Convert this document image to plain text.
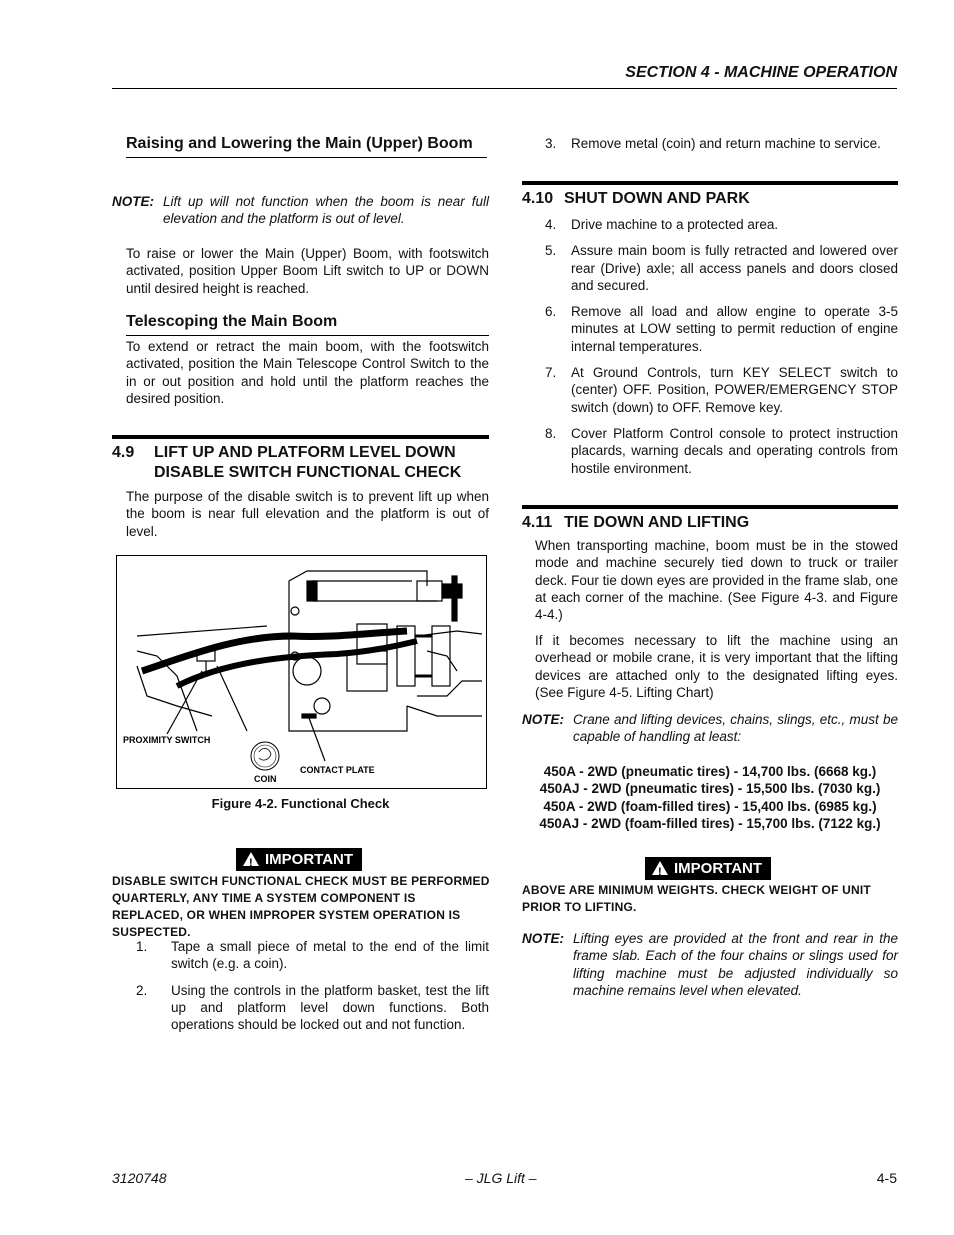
SECTION 4 - MACHINE OPERATION
Raising and Lowering the Main (Upper) Boom
NOTE: Lift up will not function when the boom is near full elevation and the platform is out of level.
To raise or lower the Main (Upper) Boom, with footswitch activated, position Upper Boom Lift switch to UP or DOWN until desired height is reached.
Telescoping the Main Boom
To extend or retract the main boom, with the footswitch activated, position the Main Telescope Control Switch to the in or out position and hold until the platform reaches the desired position.
4.9	LIFT UP AND PLATFORM LEVEL DOWN DISABLE SWITCH FUNCTIONAL CHECK
The purpose of the disable switch is to prevent lift up when the boom is near full elevation and the platform is out of level.
PROXIMITY SWITCH
COIN
CONTACT PLATE
Figure 4-2. Functional Check
! IMPORTANT
DISABLE SWITCH FUNCTIONAL CHECK MUST BE PERFORMED QUARTERLY, ANY TIME A SYSTEM COMPONENT IS REPLACED, OR WHEN IMPROPER SYSTEM OPERATION IS SUSPECTED.
1.	Tape a small piece of metal to the end of the limit switch (e.g. a coin).
2.	Using the controls in the platform basket, test the lift up and platform level down functions. Both operations should be locked out and not function.
3.	Remove metal (coin) and return machine to service.
4.10 SHUT DOWN AND PARK
4.	Drive machine to a protected area.
5.	Assure main boom is fully retracted and lowered over rear (Drive) axle; all access panels and doors closed and secured.
6.	Remove all load and allow engine to operate 3-5 minutes at LOW setting to permit reduction of engine internal temperatures.
7.	At Ground Controls, turn KEY SELECT switch to (center) OFF. Position, POWER/EMERGENCY STOP switch (down) to OFF. Remove key.
8.	Cover Platform Control console to protect instruction placards, warning decals and operating controls from hostile environment.
4.11 TIE DOWN AND LIFTING
When transporting machine, boom must be in the stowed mode and machine securely tied down to truck or trailer deck. Four tie down eyes are provided in the frame slab, one at each corner of the machine. (See Figure 4-3. and Figure 4-4.)
If it becomes necessary to lift the machine using an overhead or mobile crane, it is very important that the lifting devices are attached only to the designated lifting eyes. (See Figure 4-5. Lifting Chart)
NOTE: Crane and lifting devices, chains, slings, etc., must be capable of handling at least:
450A - 2WD (pneumatic tires) - 14,700 lbs. (6668 kg.)
450AJ - 2WD (pneumatic tires) - 15,500 lbs. (7030 kg.)
450A - 2WD (foam-filled tires) - 15,400 lbs. (6985 kg.)
450AJ - 2WD (foam-filled tires) - 15,700 lbs. (7122 kg.)
! IMPORTANT
ABOVE ARE MINIMUM WEIGHTS. CHECK WEIGHT OF UNIT PRIOR TO LIFTING.
NOTE: Lifting eyes are provided at the front and rear in the frame slab. Each of the four chains or slings used for lifting machine must be adjusted individually so machine remains level when elevated.
3120748	– JLG Lift –	4-5
